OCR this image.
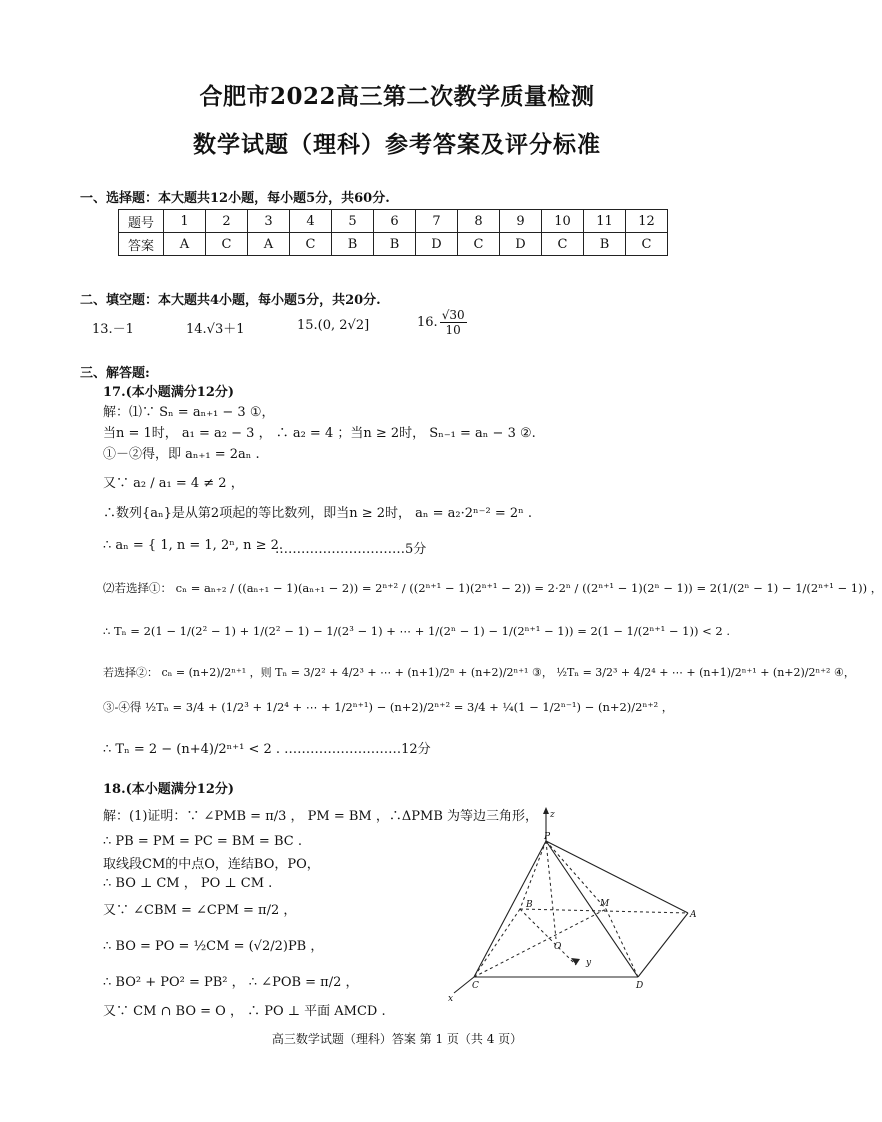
合肥市2022高三第二次教学质量检测
数学试题（理科）参考答案及评分标准
一、选择题：本大题共12小题，每小题5分，共60分.
题号	1	2	3	4	5	6	7	8	9	10	11	12
答案	A	C	A	C	B	B	D	C	D	C	B	C
二、填空题：本大题共4小题，每小题5分，共20分.
13.－1	14.√3＋1	15.(0, 2√2]	16. $\frac{√30}{10}$
三、解答题:
17.(本小题满分12分)
解：⑴∵ Sₙ = aₙ₊₁ − 3 ①，
当n = 1时， a₁ = a₂ − 3 ， ∴ a₂ = 4 ；当n ≥ 2时， Sₙ₋₁ = aₙ − 3 ②.
①－②得，即 aₙ₊₁ = 2aₙ .
又∵ a₂ / a₁ = 4 ≠ 2 ，
∴数列{aₙ}是从第2项起的等比数列，即当n ≥ 2时， aₙ = a₂·2ⁿ⁻² = 2ⁿ .
∴ aₙ = { 1, n = 1, 2ⁿ, n ≥ 2.
…………………………5分
⑵若选择①： cₙ = aₙ₊₂ / ((aₙ₊₁ − 1)(aₙ₊₁ − 2)) = 2ⁿ⁺² / ((2ⁿ⁺¹ − 1)(2ⁿ⁺¹ − 2)) = 2·2ⁿ / ((2ⁿ⁺¹ − 1)(2ⁿ − 1)) = 2(1/(2ⁿ − 1) − 1/(2ⁿ⁺¹ − 1)) ，
∴ Tₙ = 2(1 − 1/(2² − 1) + 1/(2² − 1) − 1/(2³ − 1) + ⋯ + 1/(2ⁿ − 1) − 1/(2ⁿ⁺¹ − 1)) = 2(1 − 1/(2ⁿ⁺¹ − 1)) < 2 .
若选择②： cₙ = (n+2)/2ⁿ⁺¹ ，则 Tₙ = 3/2² + 4/2³ + ⋯ + (n+1)/2ⁿ + (n+2)/2ⁿ⁺¹ ③， ½Tₙ = 3/2³ + 4/2⁴ + ⋯ + (n+1)/2ⁿ⁺¹ + (n+2)/2ⁿ⁺² ④，
③-④得 ½Tₙ = 3/4 + (1/2³ + 1/2⁴ + ⋯ + 1/2ⁿ⁺¹) − (n+2)/2ⁿ⁺² = 3/4 + ¼(1 − 1/2ⁿ⁻¹) − (n+2)/2ⁿ⁺² ，
∴ Tₙ = 2 − (n+4)/2ⁿ⁺¹ < 2 . ………………………12分
18.(本小题满分12分)
解：(1)证明：∵ ∠PMB = π/3 ， PM = BM ，∴ΔPMB 为等边三角形，
∴ PB = PM = PC = BM = BC .
取线段CM的中点O，连结BO，PO，
∴ BO ⊥ CM ， PO ⊥ CM .
又∵ ∠CBM = ∠CPM = π/2 ，
∴ BO = PO = ½CM = (√2/2)PB ，
∴ BO² + PO² = PB² ， ∴ ∠POB = π/2 ，
又∵ CM ∩ BO = O ， ∴ PO ⊥ 平面 AMCD .
z
P
B	M
A
O
y
C	D
x
高三数学试题（理科）答案 第 1 页（共 4 页）
